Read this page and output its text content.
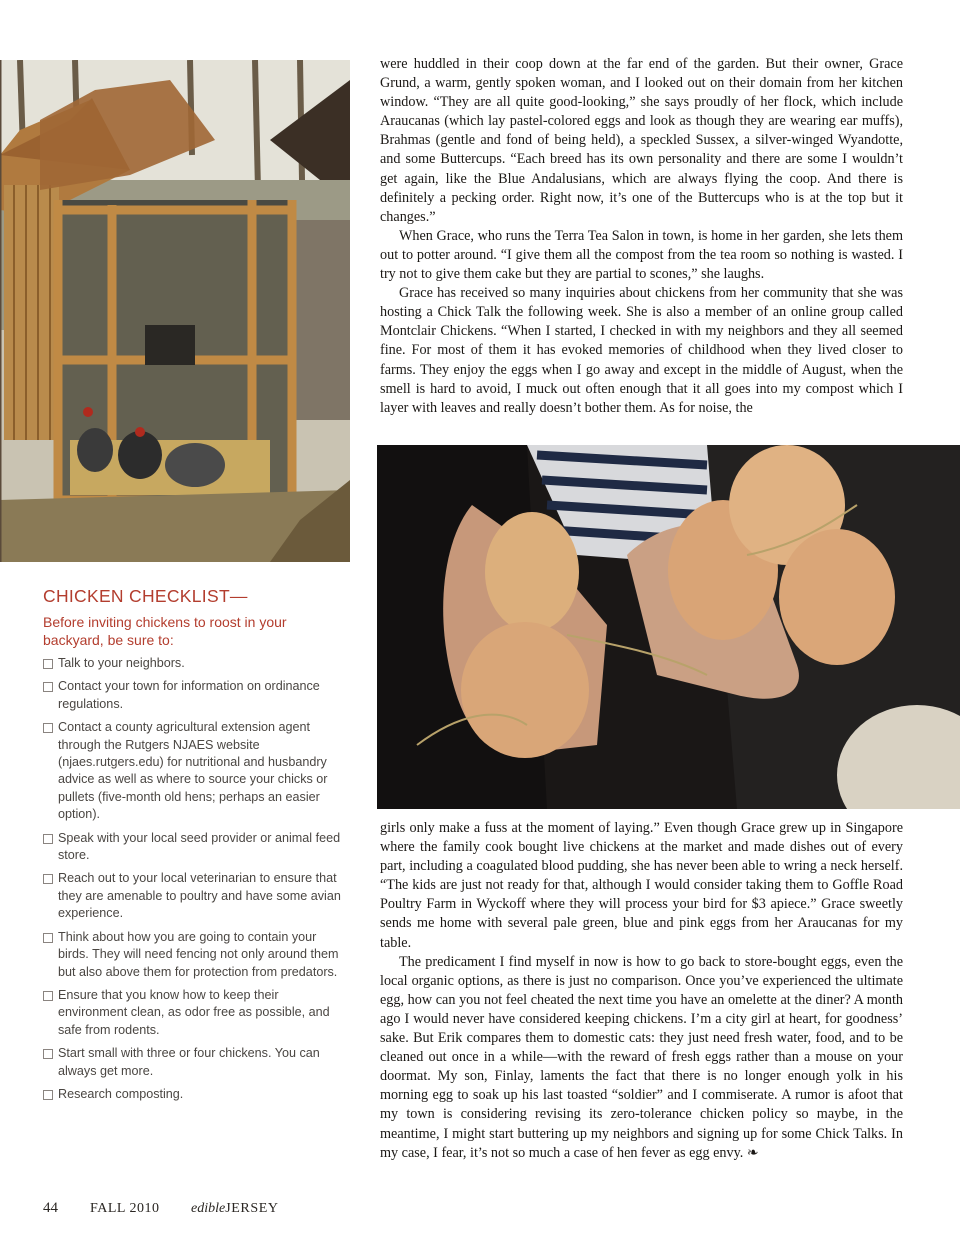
were huddled in their coop down at the far end of the garden. But their owner, Grace Grund, a warm, gently spoken woman, and I looked out on their domain from her kitchen window. “They are all quite good-looking,” she says proudly of her flock, which include Araucanas (which lay pastel-colored eggs and look as though they are wearing ear muffs), Brahmas (gentle and fond of being held), a speckled Sussex, a silver-winged Wyandotte, and some Buttercups. “Each breed has its own personality and there are some I wouldn’t get again, like the Blue Andalusians, which are always flying the coop. And there is definitely a pecking order. Right now, it’s one of the Buttercups who is at the top but it changes.”

When Grace, who runs the Terra Tea Salon in town, is home in her garden, she lets them out to potter around. “I give them all the compost from the tea room so nothing is wasted. I try not to give them cake but they are partial to scones,” she laughs.

Grace has received so many inquiries about chickens from her community that she was hosting a Chick Talk the following week. She is also a member of an online group called Montclair Chickens. “When I started, I checked in with my neighbors and they all seemed fine. For most of them it has evoked memories of childhood when they lived closer to farms. They enjoy the eggs when I go away and except in the middle of August, when the smell is hard to avoid, I muck out often enough that it all goes into my compost which I layer with leaves and really doesn’t bother them. As for noise, the

girls only make a fuss at the moment of laying.” Even though Grace grew up in Singapore where the family cook bought live chickens at the market and made dishes out of every part, including a coagulated blood pudding, she has never been able to wring a neck herself. “The kids are just not ready for that, although I would consider taking them to Goffle Road Poultry Farm in Wyckoff where they will process your bird for $3 apiece.” Grace sweetly sends me home with several pale green, blue and pink eggs from her Araucanas for my table.

The predicament I find myself in now is how to go back to store-bought eggs, even the local organic options, as there is just no comparison. Once you’ve experienced the ultimate egg, how can you not feel cheated the next time you have an omelette at the diner? A month ago I would never have considered keeping chickens. I’m a city girl at heart, for goodness’ sake. But Erik compares them to domestic cats: they just need fresh water, food, and to be cleaned out once in a while—with the reward of fresh eggs rather than a mouse on your doormat. My son, Finlay, laments the fact that there is no longer enough yolk in his morning egg to soak up his last toasted “soldier” and I commiserate. A rumor is afoot that my town is considering revising its zero-tolerance chicken policy so maybe, in the meantime, I might start buttering up my neighbors and signing up for some Chick Talks. In my case, I fear, it’s not so much a case of hen fever as egg envy. ❧

CHICKEN CHECKLIST—
Before inviting chickens to roost in your backyard, be sure to:
Talk to your neighbors.
Contact your town for information on ordinance regulations.
Contact a county agricultural extension agent through the Rutgers NJAES website (njaes.rutgers.edu) for nutritional and husbandry advice as well as where to source your chicks or pullets (five-month old hens; perhaps an easier option).
Speak with your local seed provider or animal feed store.
Reach out to your local veterinarian to ensure that they are amenable to poultry and have some avian experience.
Think about how you are going to contain your birds. They will need fencing not only around them but also above them for protection from predators.
Ensure that you know how to keep their environment clean, as odor free as possible, and safe from rodents.
Start small with three or four chickens. You can always get more.
Research composting.
44 FALL 2010 edibleJERSEY
